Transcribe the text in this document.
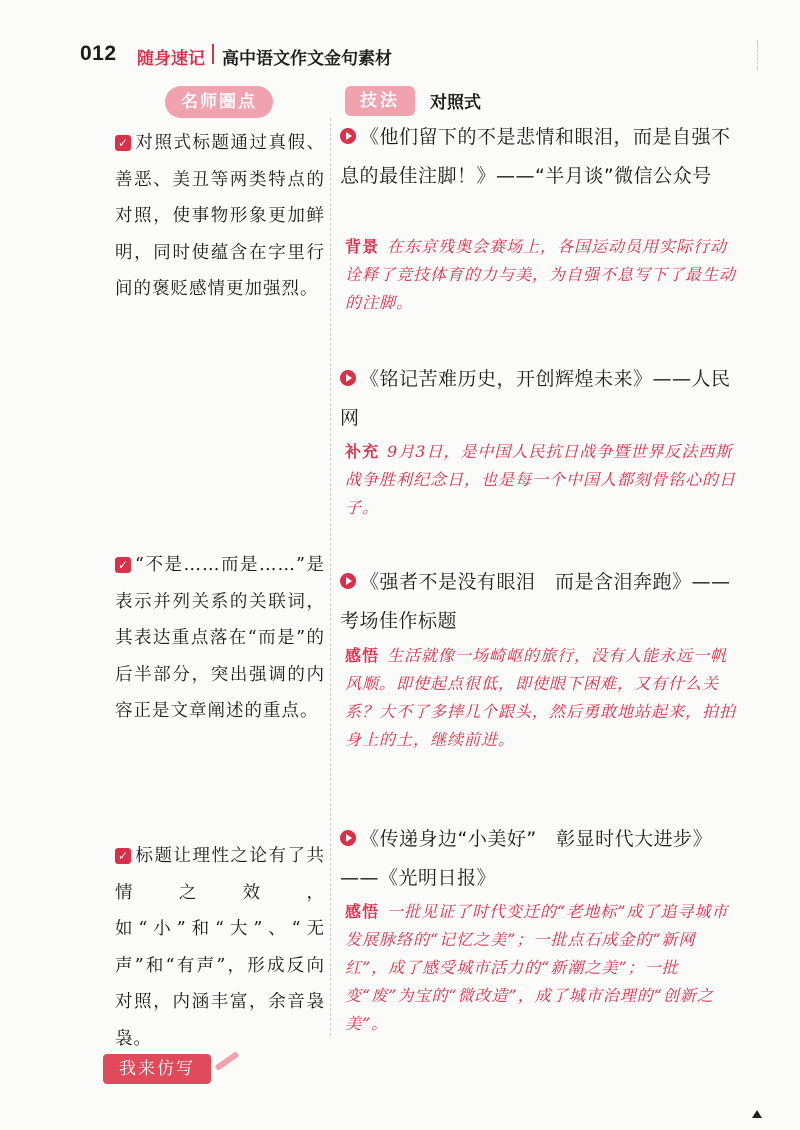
012 随身速记 高中语文作文金句素材
名师圈点
✓ 对照式标题通过真假、善恶、美丑等两类特点的对照，使事物形象更加鲜明，同时使蕴含在字里行间的褒贬感情更加强烈。
✓ “不是……而是……”是表示并列关系的关联词，其表达重点落在“而是”的后半部分，突出强调的内容正是文章阐述的重点。
✓ 标题让理性之论有了共情之效，如“小”和“大”、“无声”和“有声”，形成反向对照，内涵丰富，余音袅袅。
技法	对照式
《他们留下的不是悲情和眼泪，而是自强不息的最佳注脚！》——“半月谈”微信公众号
背景 在东京残奥会赛场上，各国运动员用实际行动诠释了竞技体育的力与美，为自强不息写下了最生动的注脚。
《铭记苦难历史，开创辉煌未来》——人民网
补充 9月3日，是中国人民抗日战争暨世界反法西斯战争胜利纪念日，也是每一个中国人都刻骨铭心的日子。
《强者不是没有眼泪　而是含泪奔跑》——考场佳作标题
感悟 生活就像一场崎岖的旅行，没有人能永远一帆风顺。即使起点很低，即使眼下困难，又有什么关系？大不了多摔几个跟头，然后勇敢地站起来，拍拍身上的土，继续前进。
《传递身边“小美好”　彰显时代大进步》——《光明日报》
感悟 一批见证了时代变迁的“老地标”成了追寻城市发展脉络的“记忆之美”；一批点石成金的“新网红”，成了感受城市活力的“新潮之美”；一批变“废”为宝的“微改造”，成了城市治理的“创新之美”。
我来仿写
